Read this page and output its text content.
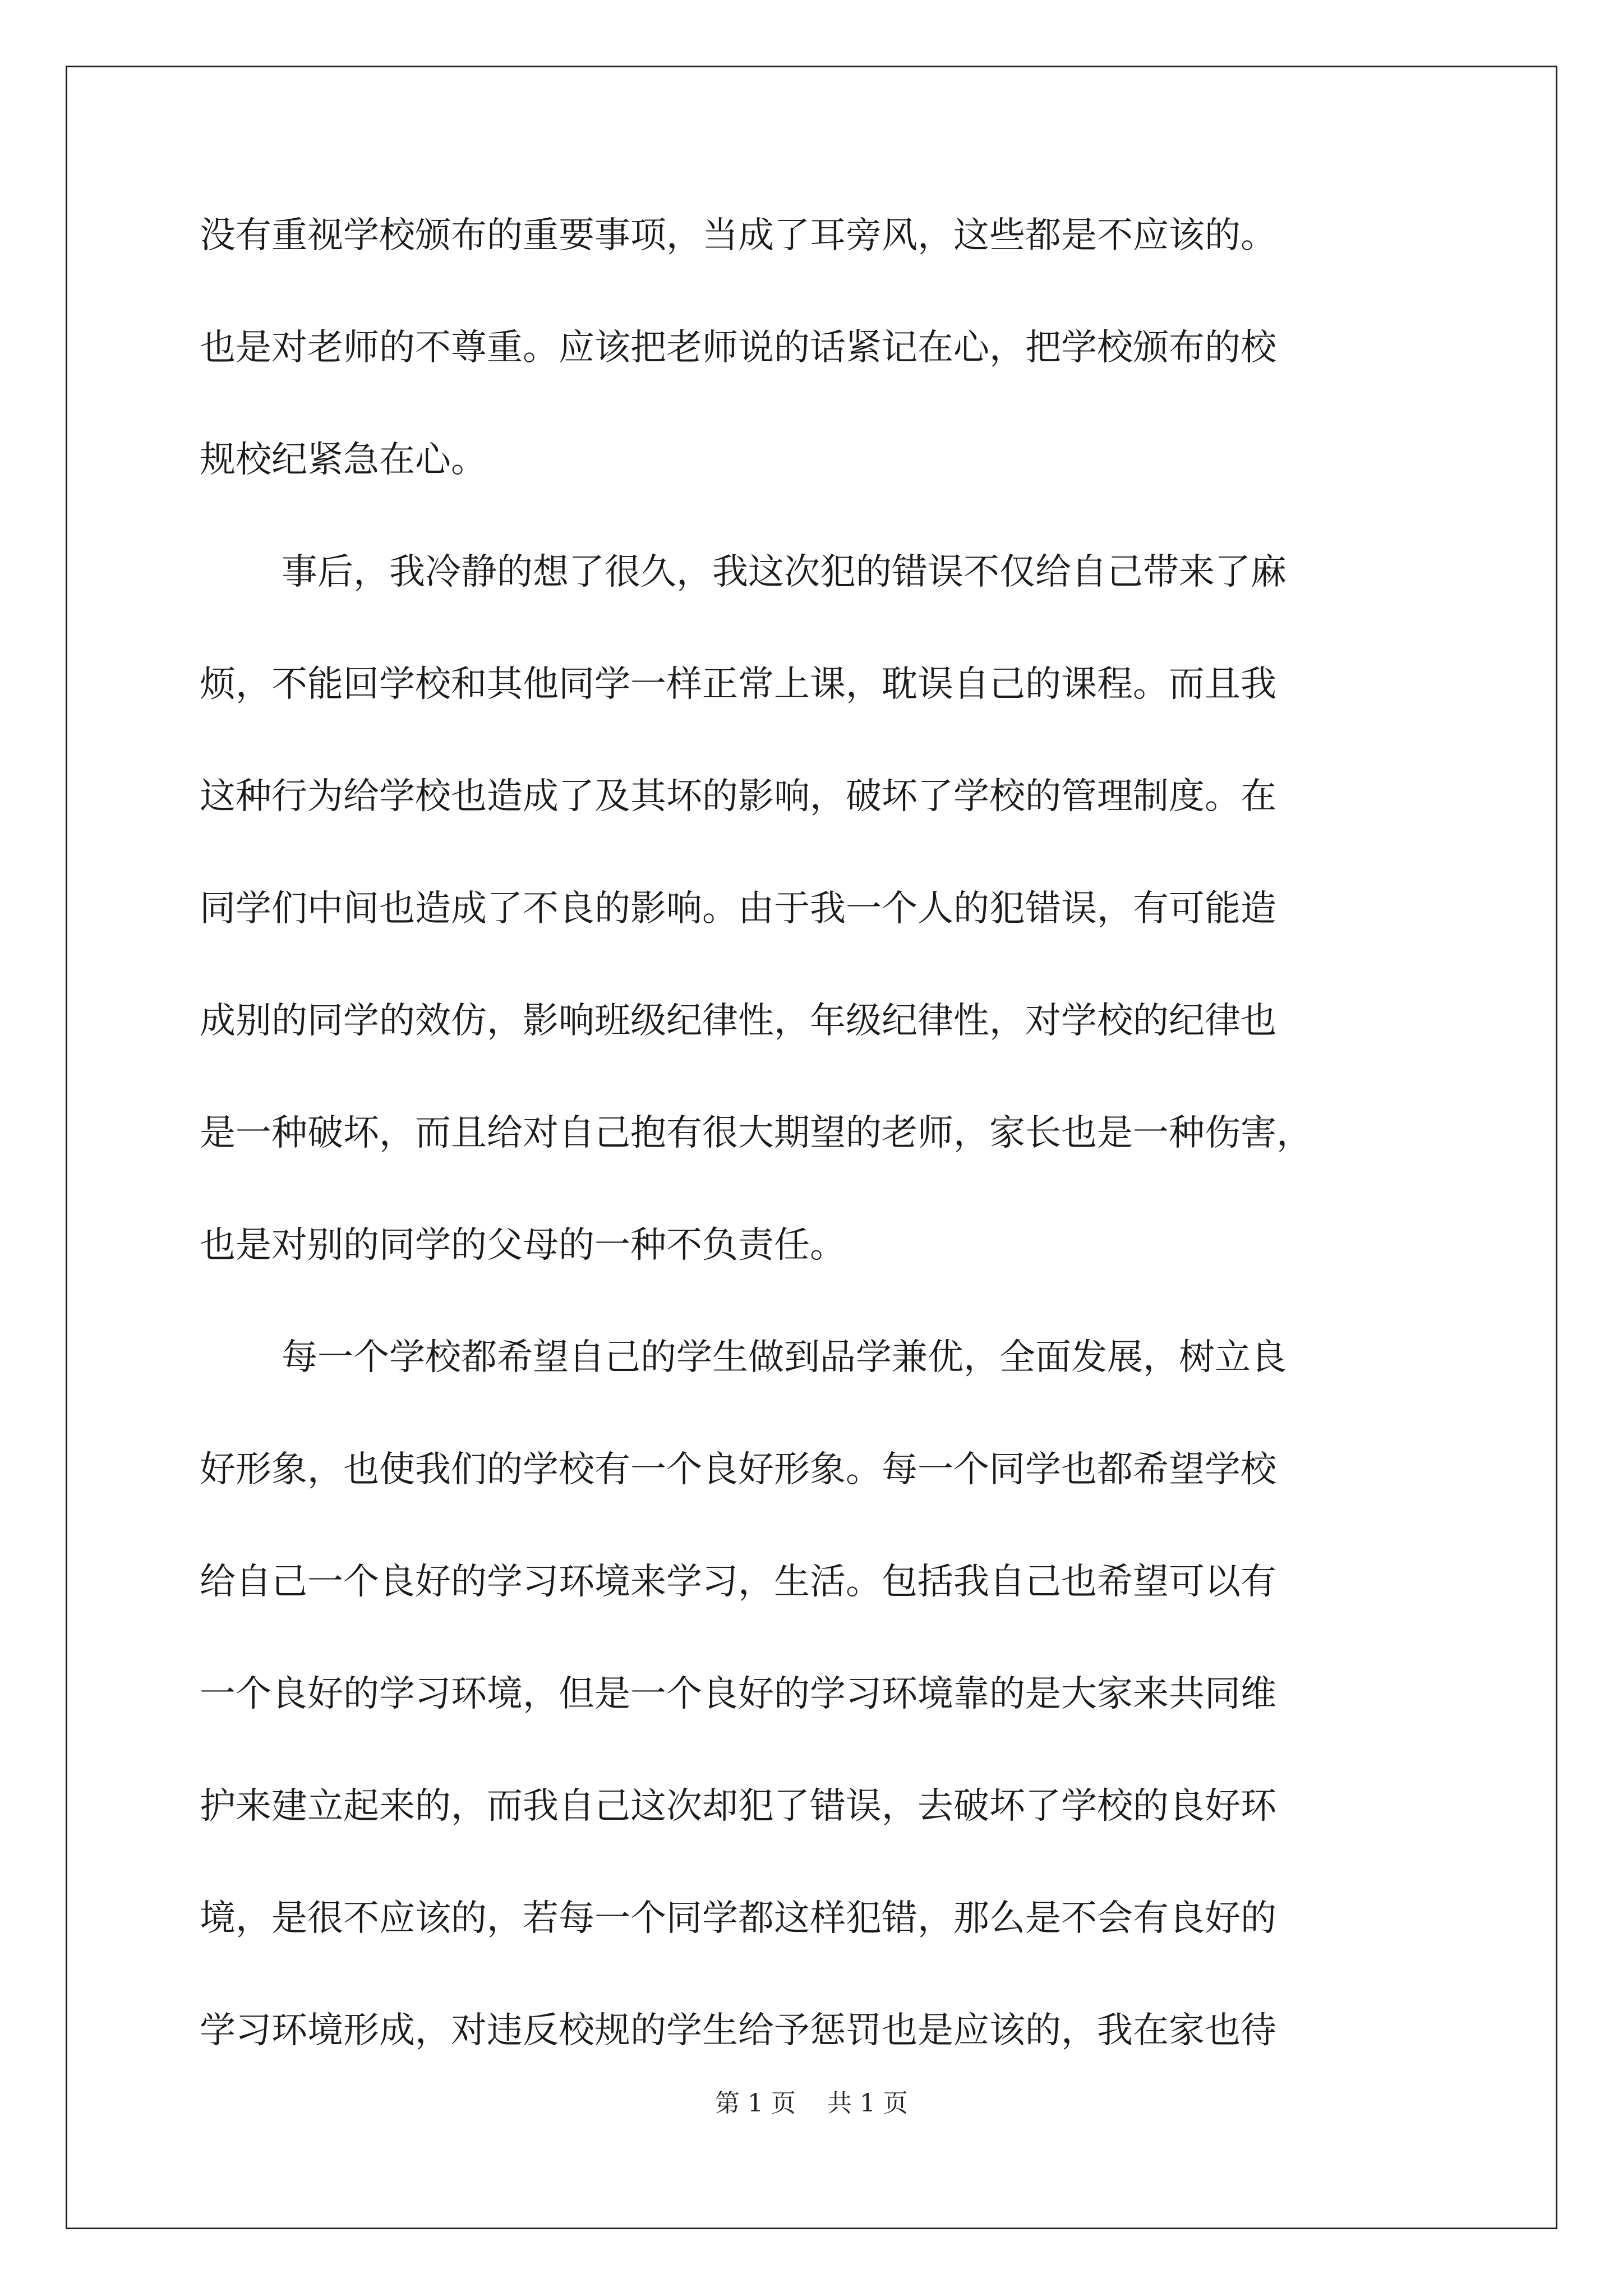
没有重视学校颁布的重要事项，当成了耳旁风，这些都是不应该的。
也是对老师的不尊重。应该把老师说的话紧记在心，把学校颁布的校
规校纪紧急在心。
事后，我冷静的想了很久，我这次犯的错误不仅给自己带来了麻
烦，不能回学校和其他同学一样正常上课，耽误自己的课程。而且我
这种行为给学校也造成了及其坏的影响，破坏了学校的管理制度。在
同学们中间也造成了不良的影响。由于我一个人的犯错误，有可能造
成别的同学的效仿，影响班级纪律性，年级纪律性，对学校的纪律也
是一种破坏，而且给对自己抱有很大期望的老师，家长也是一种伤害，
也是对别的同学的父母的一种不负责任。
每一个学校都希望自己的学生做到品学兼优，全面发展，树立良
好形象，也使我们的学校有一个良好形象。每一个同学也都希望学校
给自己一个良好的学习环境来学习，生活。包括我自己也希望可以有
一个良好的学习环境，但是一个良好的学习环境靠的是大家来共同维
护来建立起来的，而我自己这次却犯了错误，去破坏了学校的良好环
境，是很不应该的，若每一个同学都这样犯错，那么是不会有良好的
学习环境形成，对违反校规的学生给予惩罚也是应该的，我在家也待
第 1 页    共 1 页
